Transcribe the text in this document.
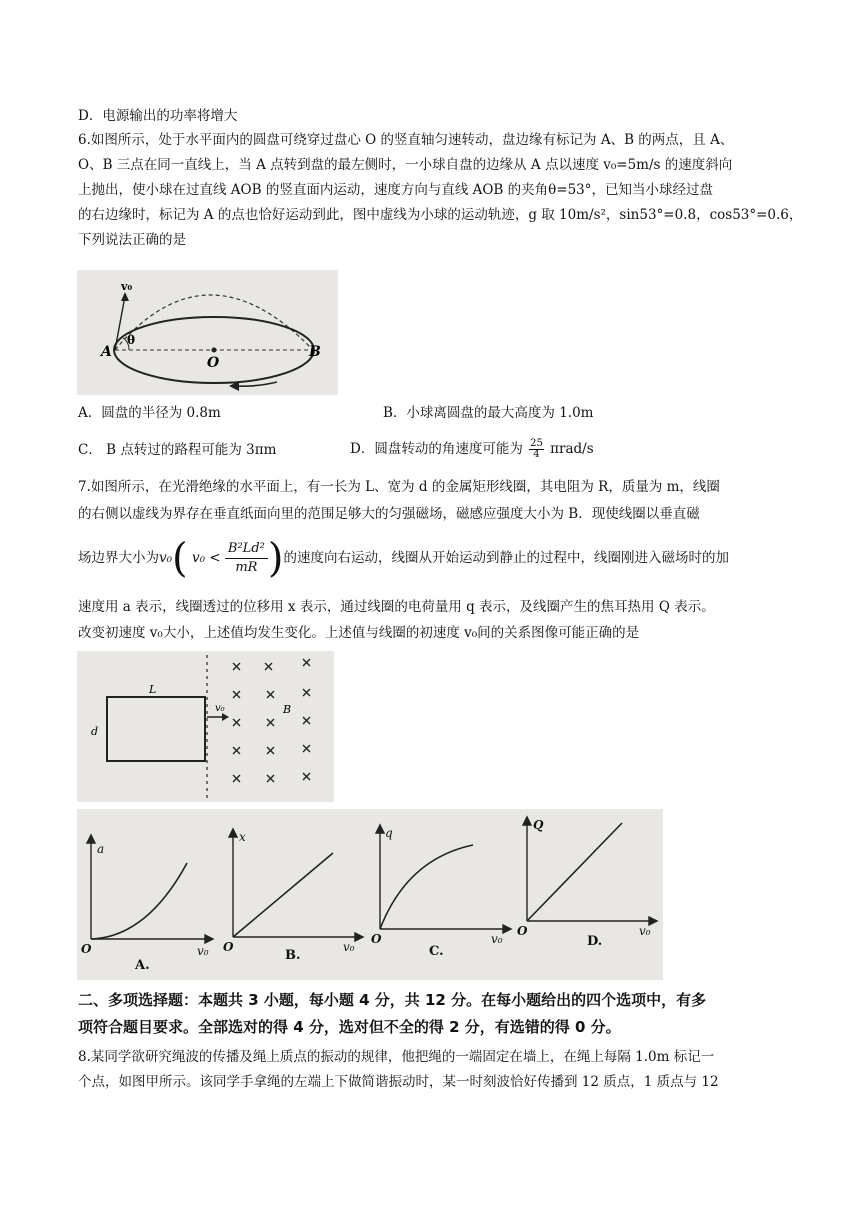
D．电源输出的功率将增大
6.如图所示，处于水平面内的圆盘可绕穿过盘心 O 的竖直轴匀速转动，盘边缘有标记为 A、B 的两点，且 A、
O、B 三点在同一直线上，当 A 点转到盘的最左侧时，一小球自盘的边缘从 A 点以速度 v₀=5m/s 的速度斜向
上抛出，使小球在过直线 AOB 的竖直面内运动，速度方向与直线 AOB 的夹角θ=53°，已知当小球经过盘
的右边缘时，标记为 A 的点也恰好运动到此，图中虚线为小球的运动轨迹，g 取 10m/s²，sin53°=0.8，cos53°=0.6，
下列说法正确的是
v₀
θ
A
O
B
A．圆盘的半径为 0.8m	B．小球离圆盘的最大高度为 1.0m
C． B 点转过的路程可能为 3πm	D．圆盘转动的角速度可能为 $\frac{25}{4} \pi rad/s$
7.如图所示，在光滑绝缘的水平面上，有一长为 L、宽为 d 的金属矩形线圈，其电阻为 R，质量为 m，线圈
的右侧以虚线为界存在垂直纸面向里的范围足够大的匀强磁场，磁感应强度大小为 B．现使线圈以垂直磁
场边界大小为v₀( $v_0 < \frac{\text{B²Ld²}}{mR}$ )的速度向右运动，线圈从开始运动到静止的过程中，线圈刚进入磁场时的加
速度用 a 表示，线圈透过的位移用 x 表示，通过线圈的电荷量用 q 表示，及线圈产生的焦耳热用 Q 表示。
改变初速度 v₀大小，上述值均发生变化。上述值与线圈的初速度 v₀间的关系图像可能正确的是
L
d
v₀	B
a
v₀
O
x
v₀
O
q
v₀
O
Q
v₀
O
A.
B.	C.
D.
二、多项选择题：本题共 3 小题，每小题 4 分，共 12 分。在每小题给出的四个选项中，有多
项符合题目要求。全部选对的得 4 分，选对但不全的得 2 分，有选错的得 0 分。
8.某同学欲研究绳波的传播及绳上质点的振动的规律，他把绳的一端固定在墙上，在绳上每隔 1.0m 标记一
个点，如图甲所示。该同学手拿绳的左端上下做简谐振动时，某一时刻波恰好传播到 12 质点，1 质点与 12
